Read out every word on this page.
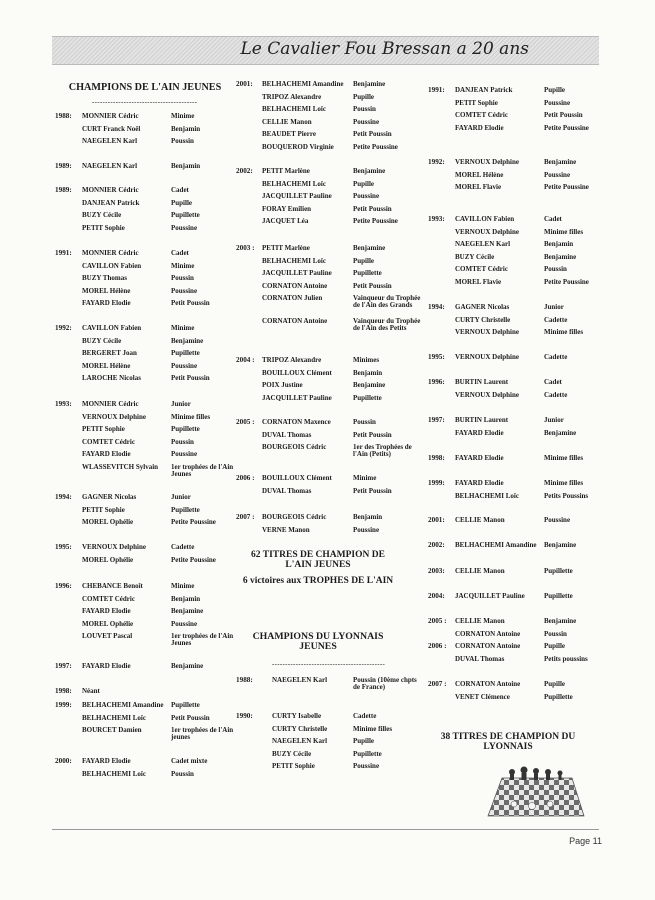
Le Cavalier Fou Bressan a 20 ans
CHAMPIONS DE L'AIN JEUNES
----------------------------------------
1988: MONNIER Cédric	Minime
CURT Franck Noël	Benjamin
NAEGELEN Karl	Poussin
1989: NAEGELEN Karl	Benjamin
1989: MONNIER Cédric	Cadet
DANJEAN Patrick	Pupille
BUZY Cécile	Pupillette
PETIT Sophie	Poussine
1991: MONNIER Cédric	Cadet
CAVILLON Fabien	Minime
BUZY Thomas	Poussin
MOREL Hélène	Poussine
FAYARD Elodie	Petit Poussin
1992: CAVILLON Fabien	Minime
BUZY Cécile	Benjamine
BERGERET Joan	Pupillette
MOREL Hélène	Poussine
LAROCHE Nicolas	Petit Poussin
1993: MONNIER Cédric	Junior
VERNOUX Delphine	Minime filles
PETIT Sophie	Pupillette
COMTET Cédric	Poussin
FAYARD Elodie	Poussine
WLASSEVITCH Sylvain 1er trophées de l'Ain Jeunes
1994: GAGNER Nicolas	Junior
PETIT Sophie	Pupillette
MOREL Ophélie	Petite Poussine
1995: VERNOUX Delphine	Cadette
MOREL Ophélie	Petite Poussine
1996: CHEBANCE Benoît	Minime
COMTET Cédric	Benjamin
FAYARD Elodie	Benjamine
MOREL Ophélie	Poussine
LOUVET Pascal	1er trophées de l'Ain Jeunes
1997: FAYARD Elodie	Benjamine
1998: Néant
1999: BELHACHEMI Amandine Pupillette
BELHACHEMI Loïc	Petit Poussin
BOURCET Damien	1er trophées de l'Ain jeunes
2000: FAYARD Elodie	Cadet mixte
BELHACHEMI Loïc	Poussin
2001: BELHACHEMI Amandine Benjamine
TRIPOZ Alexandre	Pupille
BELHACHEMI Loïc	Poussin
CELLIE Manon	Poussine
BEAUDET Pierre	Petit Poussin
BOUQUEROD Virginie	Petite Poussine
2002: PETIT Marlène	Benjamine
BELHACHEMI Loïc	Pupille
JACQUILLET Pauline	Poussine
FORAY Emilien	Petit Poussin
JACQUET Léa	Petite Poussine
2003 : PETIT Marlène	Benjamine
BELHACHEMI Loïc	Pupille
JACQUILLET Pauline	Pupillette
CORNATON Antoine	Petit Poussin
CORNATON Julien	Vainqueur du Trophée de l'Ain des Grands
CORNATON Antoine	Vainqueur du Trophée de l'Ain des Petits
2004 : TRIPOZ Alexandre	Minimes
BOUILLOUX Clément	Benjamin
POIX Justine	Benjamine
JACQUILLET Pauline	Pupillette
2005 : CORNATON Maxence	Poussin
DUVAL Thomas	Petit Poussin
BOURGEOIS Cédric	1er des Trophées de l'Ain (Petits)
2006 : BOUILLOUX Clément	Minime
DUVAL Thomas	Petit Poussin
2007 : BOURGEOIS Cédric	Benjamin
VERNE Manon	Poussine
62 TITRES DE CHAMPION DE L'AIN JEUNES
6 victoires aux TROPHES DE L'AIN
CHAMPIONS DU LYONNAIS JEUNES
-------------------------------------------
1988:	NAEGELEN Karl	Poussin (10ème chpts de France)
1990:	CURTY Isabelle	Cadette
CURTY Christelle	Minime filles
NAEGELEN Karl	Pupille
BUZY Cécile	Pupillette
PETIT Sophie	Poussine
1991: DANJEAN Patrick	Pupille
PETIT Sophie	Poussine
COMTET Cédric	Petit Poussin
FAYARD Elodie	Petite Poussine
1992: VERNOUX Delphine	Benjamine
MOREL Hélène	Poussine
MOREL Flavie	Petite Poussine
1993: CAVILLON Fabien	Cadet
VERNOUX Delphine	Minime filles
NAEGELEN Karl	Benjamin
BUZY Cécile	Benjamine
COMTET Cédric	Poussin
MOREL Flavie	Petite Poussine
1994: GAGNER Nicolas	Junior
CURTY Christelle	Cadette
VERNOUX Delphine	Minime filles
1995: VERNOUX Delphine	Cadette
1996: BURTIN Laurent	Cadet
VERNOUX Delphine	Cadette
1997: BURTIN Laurent	Junior
FAYARD Elodie	Benjamine
1998: FAYARD Elodie	Minime filles
1999: FAYARD Elodie	Minime filles
BELHACHEMI Loïc	Petits Poussins
2001: CELLIE Manon	Poussine
2002: BELHACHEMI Amandine Benjamine
2003: CELLIE Manon	Pupillette
2004: JACQUILLET Pauline	Pupillette
2005 : CELLIE Manon	Benjamine
CORNATON Antoine	Poussin
2006 : CORNATON Antoine	Pupille
DUVAL Thomas	Petits poussins
2007 : CORNATON Antoine	Pupille
VENET Clémence	Pupillette
38 TITRES DE CHAMPION DU LYONNAIS
Page 11
